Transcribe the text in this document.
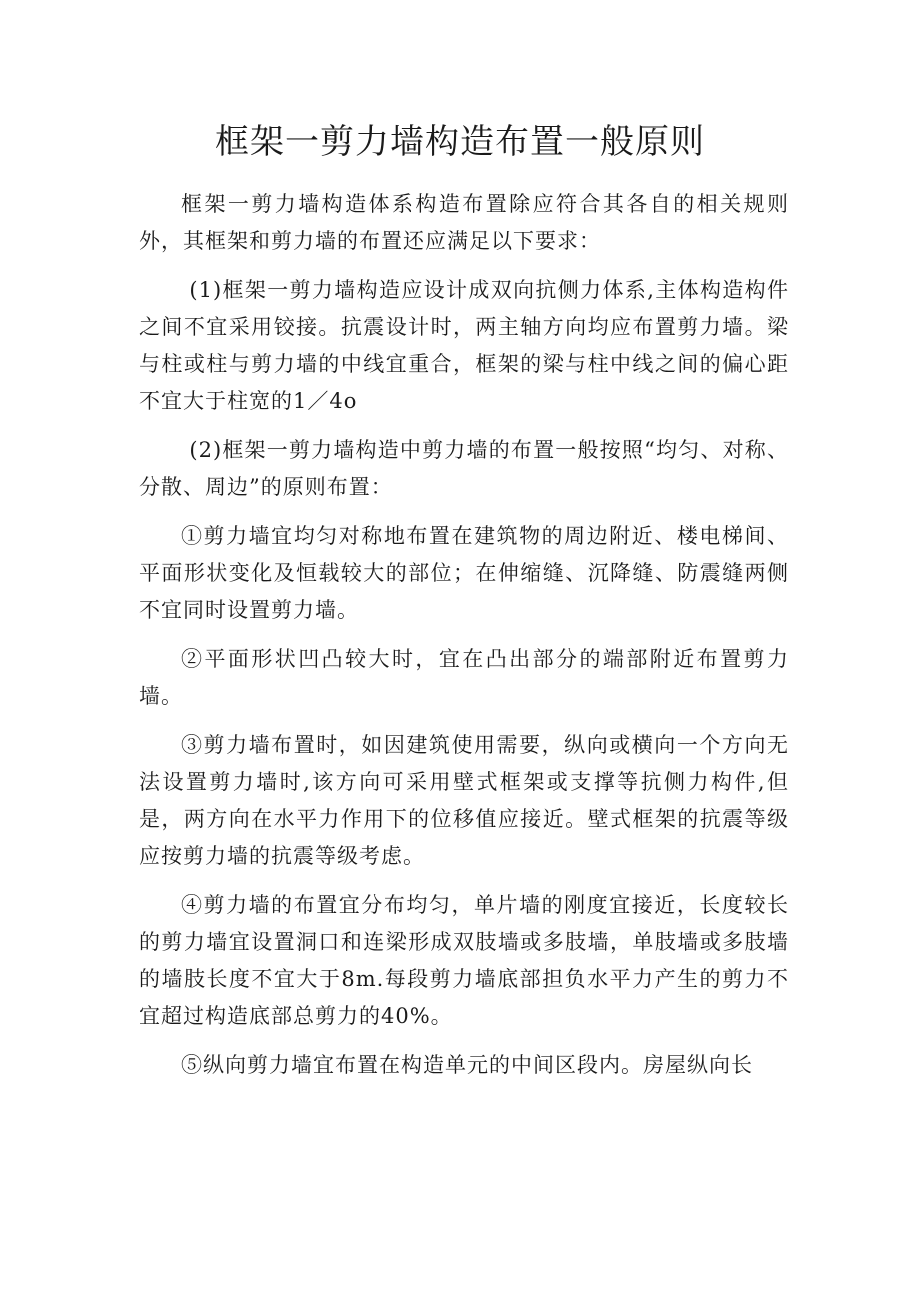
框架一剪力墙构造布置一般原则

框架一剪力墙构造体系构造布置除应符合其各自的相关规则外，其框架和剪力墙的布置还应满足以下要求：

(1)框架一剪力墙构造应设计成双向抗侧力体系,主体构造构件之间不宜采用铰接。抗震设计时，两主轴方向均应布置剪力墙。梁与柱或柱与剪力墙的中线宜重合，框架的梁与柱中线之间的偏心距不宜大于柱宽的1／4o

(2)框架一剪力墙构造中剪力墙的布置一般按照“均匀、对称、分散、周边”的原则布置：

①剪力墙宜均匀对称地布置在建筑物的周边附近、楼电梯间、平面形状变化及恒载较大的部位；在伸缩缝、沉降缝、防震缝两侧不宜同时设置剪力墙。

②平面形状凹凸较大时，宜在凸出部分的端部附近布置剪力墙。

③剪力墙布置时，如因建筑使用需要，纵向或横向一个方向无法设置剪力墙时,该方向可采用壁式框架或支撑等抗侧力构件,但是，两方向在水平力作用下的位移值应接近。壁式框架的抗震等级应按剪力墙的抗震等级考虑。

④剪力墙的布置宜分布均匀，单片墙的刚度宜接近，长度较长的剪力墙宜设置洞口和连梁形成双肢墙或多肢墙，单肢墙或多肢墙的墙肢长度不宜大于8m.每段剪力墙底部担负水平力产生的剪力不宜超过构造底部总剪力的40%。

⑤纵向剪力墙宜布置在构造单元的中间区段内。房屋纵向长
